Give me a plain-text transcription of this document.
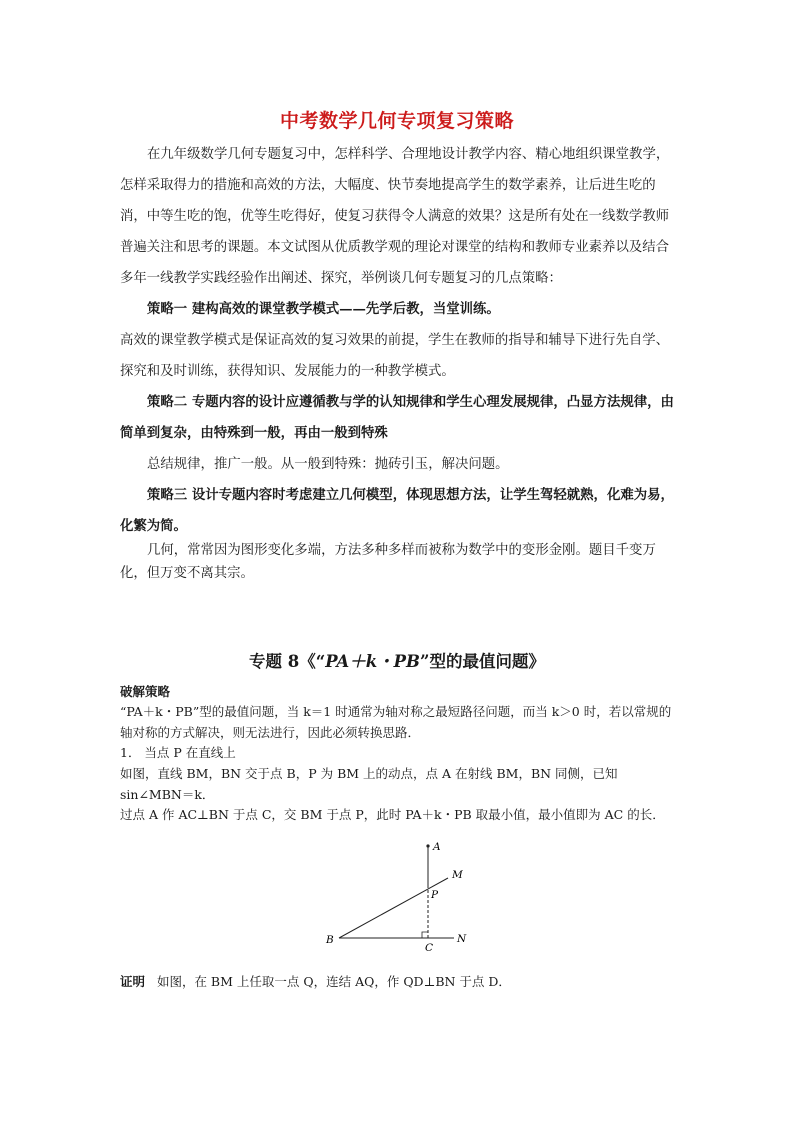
中考数学几何专项复习策略

在九年级数学几何专题复习中，怎样科学、合理地设计教学内容、精心地组织课堂教学，怎样采取得力的措施和高效的方法，大幅度、快节奏地提高学生的数学素养，让后进生吃的消，中等生吃的饱，优等生吃得好，使复习获得令人满意的效果？这是所有处在一线数学教师普遍关注和思考的课题。本文试图从优质教学观的理论对课堂的结构和教师专业素养以及结合多年一线教学实践经验作出阐述、探究，举例谈几何专题复习的几点策略：

策略一 建构高效的课堂教学模式——先学后教，当堂训练。

高效的课堂教学模式是保证高效的复习效果的前提，学生在教师的指导和辅导下进行先自学、探究和及时训练，获得知识、发展能力的一种教学模式。

策略二 专题内容的设计应遵循教与学的认知规律和学生心理发展规律，凸显方法规律，由简单到复杂，由特殊到一般，再由一般到特殊

总结规律，推广一般。从一般到特殊：抛砖引玉，解决问题。

策略三 设计专题内容时考虑建立几何模型，体现思想方法，让学生驾轻就熟，化难为易，化繁为简。

几何，常常因为图形变化多端，方法多种多样而被称为数学中的变形金刚。题目千变万化，但万变不离其宗。

专题 8《“PA＋k・PB”型的最值问题》

破解策略

“PA＋k・PB”型的最值问题，当 k＝1 时通常为轴对称之最短路径问题，而当 k＞0 时，若以常规的轴对称的方式解决，则无法进行，因此必须转换思路．

1． 当点 P 在直线上

如图，直线 BM，BN 交于点 B，P 为 BM 上的动点，点 A 在射线 BM，BN 同侧，已知 sin∠MBN＝k．

过点 A 作 AC⊥BN 于点 C，交 BM 于点 P，此时 PA＋k・PB 取最小值，最小值即为 AC 的长．

A
M
P
B
C
N

证明 如图，在 BM 上任取一点 Q，连结 AQ，作 QD⊥BN 于点 D．
